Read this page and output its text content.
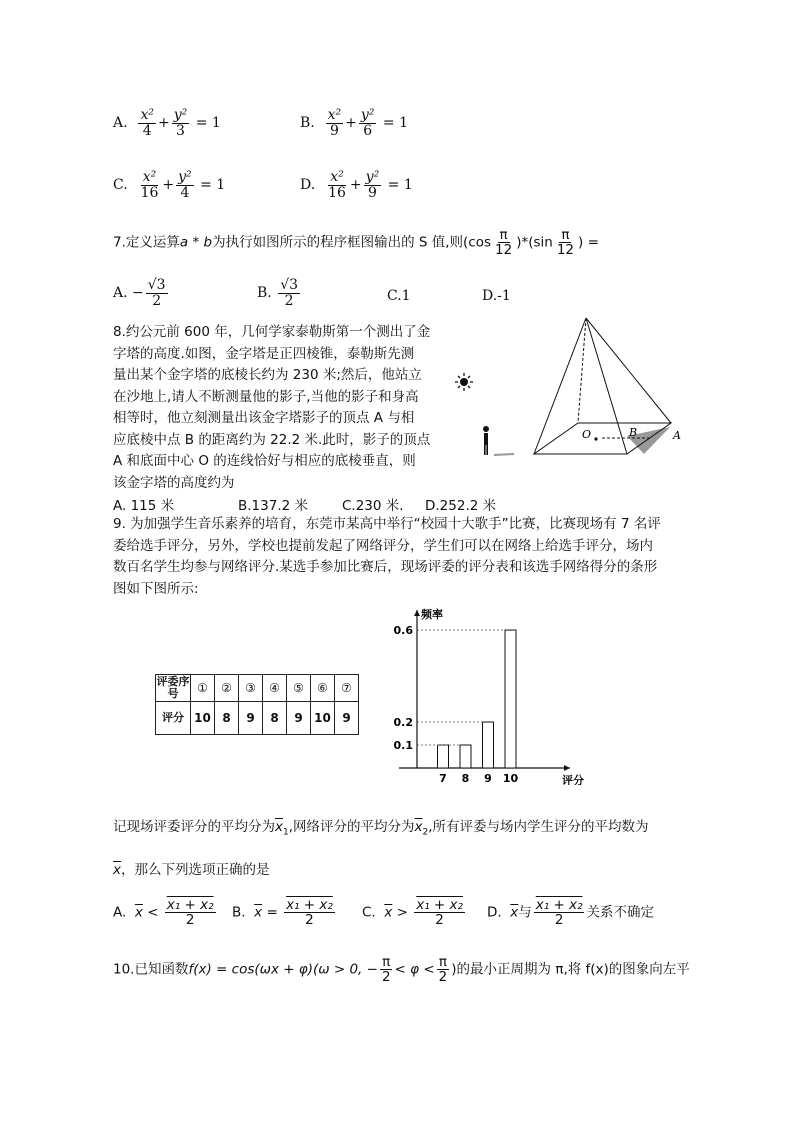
A. $\frac{\text{x²}}{4} + \frac{\text{y²}}{3} = 1$	B. $\frac{\text{x²}}{9} + \frac{\text{y²}}{6} = 1$
C. $\frac{\text{x²}}{16} + \frac{\text{y²}}{4} = 1$	D. $\frac{\text{x²}}{16} + \frac{\text{y²}}{9} = 1$
7.定义运算a * b为执行如图所示的程序框图输出的 S 值,则$(\cos \frac{\pi}{12} )*(\sin \frac{\pi}{12}$ ) =
A. − $\frac{√3}{2}$	B. $\frac{√3}{2}$	C.1	D.-1
8.约公元前 600 年，几何学家泰勒斯第一个测出了金
字塔的高度.如图，金字塔是正四棱锥，泰勒斯先测
量出某个金字塔的底棱长约为 230 米;然后，他站立
在沙地上,请人不断测量他的影子,当他的影子和身高
相等时，他立刻测量出该金字塔影子的顶点 A 与相
应底棱中点 B 的距离约为 22.2 米.此时，影子的顶点
A 和底面中心 O 的连线恰好与相应的底棱垂直，则
该金字塔的高度约为
A. 115 米	B.137.2 米	C.230 米. D.252.2 米
O	B	A
9. 为加强学生音乐素养的培育，东莞市某高中举行“校园十大歌手”比赛，比赛现场有 7 名评
委给选手评分，另外，学校也提前发起了网络评分，学生们可以在网络上给选手评分，场内
数百名学生均参与网络评分.某选手参加比赛后，现场评委的评分表和该选手网络得分的条形
图如下图所示:
评委序号	①	②	③	④	⑤	⑥	⑦
评分	10	8	9	8	9	10	9
频率
评分
7 8 9 10
0.1
0.2
0.6
记现场评委评分的平均分为$\overline{x}_1$,网络评分的平均分为$\overline{x}_2$,所有评委与场内学生评分的平均数为
$\overline{x}$，那么下列选项正确的是
A. $\overline{x} < \frac{\text{x₁ + x₂}}{2} B$. $\overline{x} = \frac{\text{x₁ + x₂}}{2} C$. $\overline{x} > \frac{\text{x₁ + x₂}}{2} D$. $\overline{x}$与 $\frac{\text{x₁ + x₂}}{2}$ 关系不确定
10.已知函数f(x) = cos(ωx + φ)(ω > 0, − $\frac{\pi}{2} < \varphi < \frac{\pi}{2}$ )的最小正周期为 π,将 f(x)的图象向左平
